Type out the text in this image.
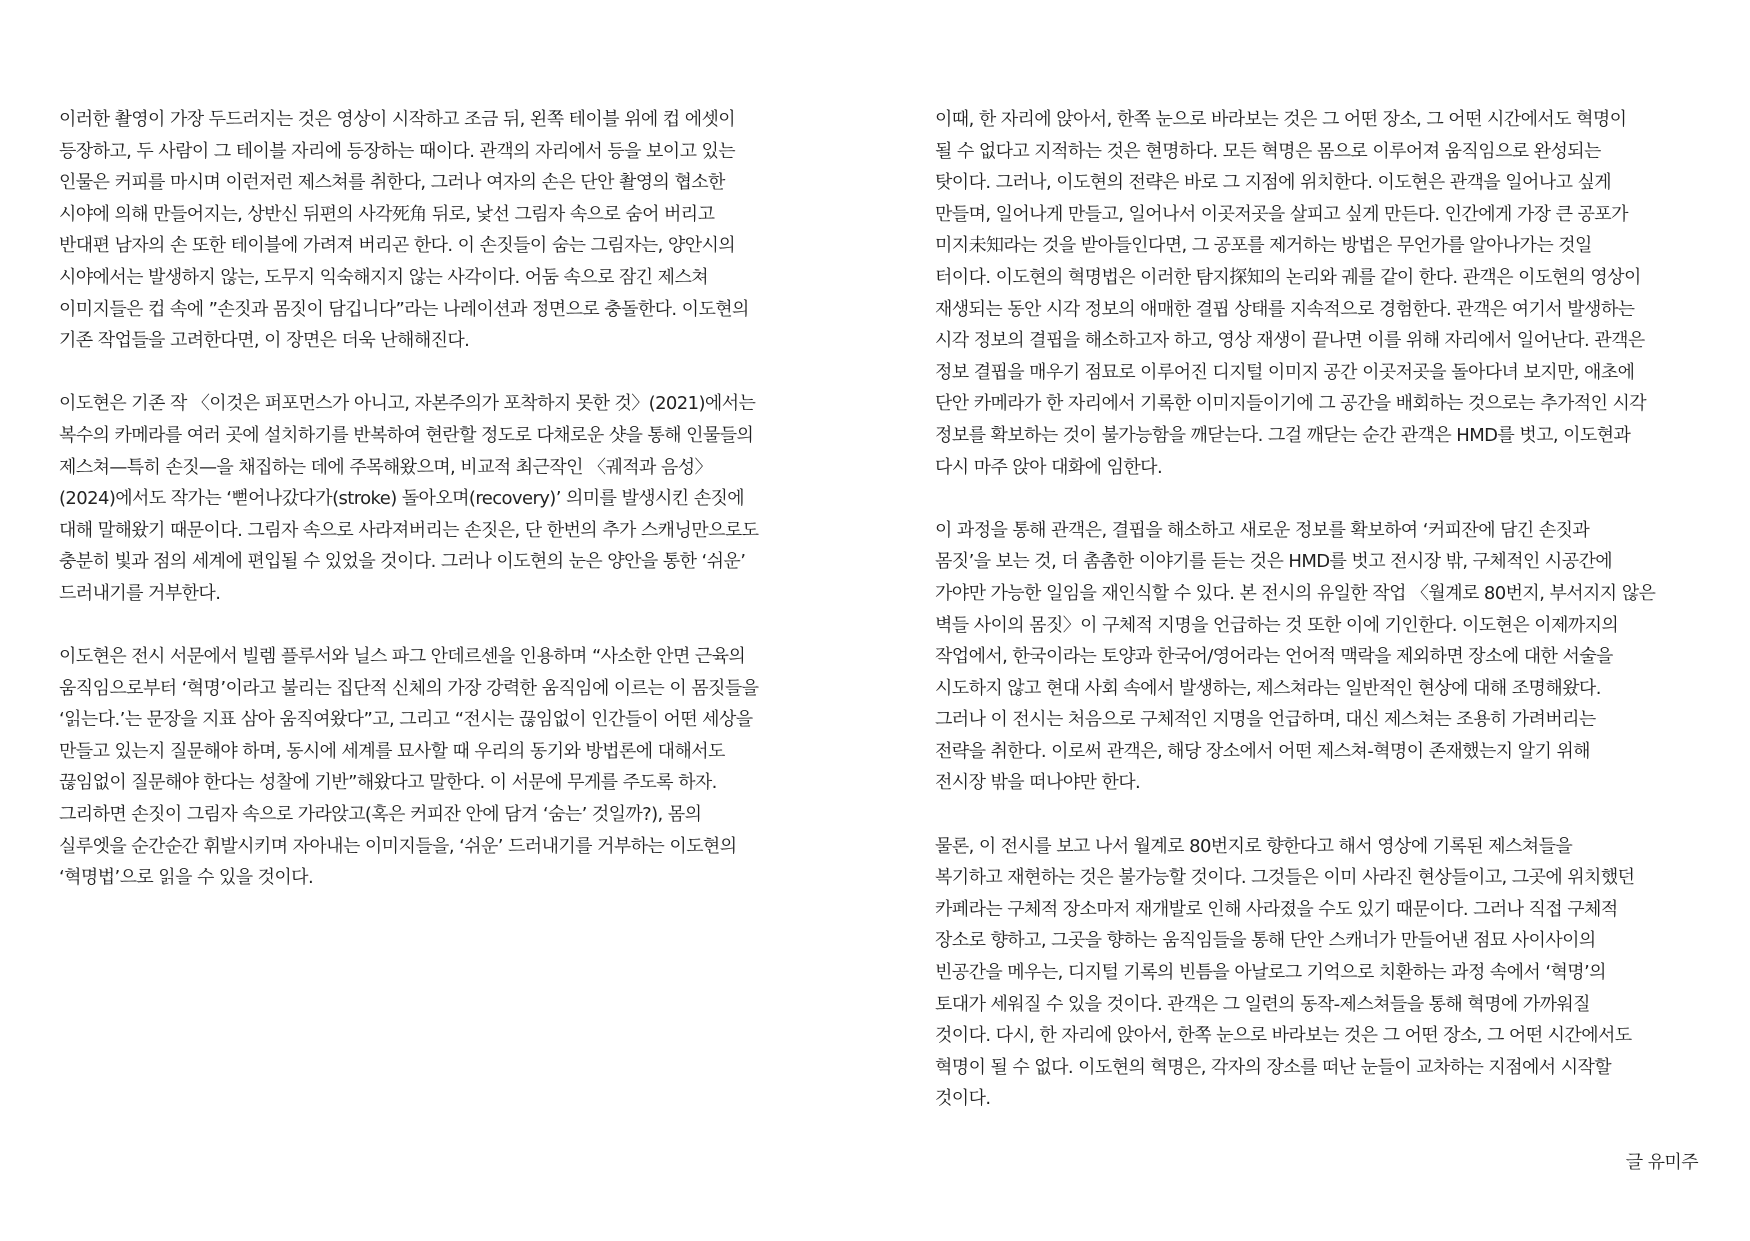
이러한 촬영이 가장 두드러지는 것은 영상이 시작하고 조금 뒤, 왼쪽 테이블 위에 컵 에셋이
등장하고, 두 사람이 그 테이블 자리에 등장하는 때이다. 관객의 자리에서 등을 보이고 있는
인물은 커피를 마시며 이런저런 제스쳐를 취한다, 그러나 여자의 손은 단안 촬영의 협소한
시야에 의해 만들어지는, 상반신 뒤편의 사각死角 뒤로, 낯선 그림자 속으로 숨어 버리고
반대편 남자의 손 또한 테이블에 가려져 버리곤 한다. 이 손짓들이 숨는 그림자는, 양안시의
시야에서는 발생하지 않는, 도무지 익숙해지지 않는 사각이다. 어둠 속으로 잠긴 제스쳐
이미지들은 컵 속에 ”손짓과 몸짓이 담깁니다”라는 나레이션과 정면으로 충돌한다. 이도현의
기존 작업들을 고려한다면, 이 장면은 더욱 난해해진다.

이도현은 기존 작 〈이것은 퍼포먼스가 아니고, 자본주의가 포착하지 못한 것〉(2021)에서는
복수의 카메라를 여러 곳에 설치하기를 반복하여 현란할 정도로 다채로운 샷을 통해 인물들의
제스쳐—특히 손짓—을 채집하는 데에 주목해왔으며, 비교적 최근작인 〈궤적과 음성〉
(2024)에서도 작가는 ‘뻗어나갔다가(stroke) 돌아오며(recovery)’ 의미를 발생시킨 손짓에
대해 말해왔기 때문이다. 그림자 속으로 사라져버리는 손짓은, 단 한번의 추가 스캐닝만으로도
충분히 빛과 점의 세계에 편입될 수 있었을 것이다. 그러나 이도현의 눈은 양안을 통한 ‘쉬운’
드러내기를 거부한다.

이도현은 전시 서문에서 빌렘 플루서와 닐스 파그 안데르센을 인용하며 “사소한 안면 근육의
움직임으로부터 ‘혁명’이라고 불리는 집단적 신체의 가장 강력한 움직임에 이르는 이 몸짓들을
‘읽는다.’는 문장을 지표 삼아 움직여왔다”고, 그리고 “전시는 끊임없이 인간들이 어떤 세상을
만들고 있는지 질문해야 하며, 동시에 세계를 묘사할 때 우리의 동기와 방법론에 대해서도
끊임없이 질문해야 한다는 성찰에 기반”해왔다고 말한다. 이 서문에 무게를 주도록 하자.
그리하면 손짓이 그림자 속으로 가라앉고(혹은 커피잔 안에 담겨 ‘숨는’ 것일까?), 몸의
실루엣을 순간순간 휘발시키며 자아내는 이미지들을, ‘쉬운’ 드러내기를 거부하는 이도현의
‘혁명법’으로 읽을 수 있을 것이다.

이때, 한 자리에 앉아서, 한쪽 눈으로 바라보는 것은 그 어떤 장소, 그 어떤 시간에서도 혁명이
될 수 없다고 지적하는 것은 현명하다. 모든 혁명은 몸으로 이루어져 움직임으로 완성되는
탓이다. 그러나, 이도현의 전략은 바로 그 지점에 위치한다. 이도현은 관객을 일어나고 싶게
만들며, 일어나게 만들고, 일어나서 이곳저곳을 살피고 싶게 만든다. 인간에게 가장 큰 공포가
미지未知라는 것을 받아들인다면, 그 공포를 제거하는 방법은 무언가를 알아나가는 것일
터이다. 이도현의 혁명법은 이러한 탐지探知의 논리와 궤를 같이 한다. 관객은 이도현의 영상이
재생되는 동안 시각 정보의 애매한 결핍 상태를 지속적으로 경험한다. 관객은 여기서 발생하는
시각 정보의 결핍을 해소하고자 하고, 영상 재생이 끝나면 이를 위해 자리에서 일어난다. 관객은
정보 결핍을 매우기 점묘로 이루어진 디지털 이미지 공간 이곳저곳을 돌아다녀 보지만, 애초에
단안 카메라가 한 자리에서 기록한 이미지들이기에 그 공간을 배회하는 것으로는 추가적인 시각
정보를 확보하는 것이 불가능함을 깨닫는다. 그걸 깨닫는 순간 관객은 HMD를 벗고, 이도현과
다시 마주 앉아 대화에 임한다.

이 과정을 통해 관객은, 결핍을 해소하고 새로운 정보를 확보하여 ‘커피잔에 담긴 손짓과
몸짓’을 보는 것, 더 촘촘한 이야기를 듣는 것은 HMD를 벗고 전시장 밖, 구체적인 시공간에
가야만 가능한 일임을 재인식할 수 있다. 본 전시의 유일한 작업 〈월계로 80번지, 부서지지 않은
벽들 사이의 몸짓〉이 구체적 지명을 언급하는 것 또한 이에 기인한다. 이도현은 이제까지의
작업에서, 한국이라는 토양과 한국어/영어라는 언어적 맥락을 제외하면 장소에 대한 서술을
시도하지 않고 현대 사회 속에서 발생하는, 제스쳐라는 일반적인 현상에 대해 조명해왔다.
그러나 이 전시는 처음으로 구체적인 지명을 언급하며, 대신 제스쳐는 조용히 가려버리는
전략을 취한다. 이로써 관객은, 해당 장소에서 어떤 제스쳐-혁명이 존재했는지 알기 위해
전시장 밖을 떠나야만 한다.

물론, 이 전시를 보고 나서 월계로 80번지로 향한다고 해서 영상에 기록된 제스쳐들을
복기하고 재현하는 것은 불가능할 것이다. 그것들은 이미 사라진 현상들이고, 그곳에 위치했던
카페라는 구체적 장소마저 재개발로 인해 사라졌을 수도 있기 때문이다. 그러나 직접 구체적
장소로 향하고, 그곳을 향하는 움직임들을 통해 단안 스캐너가 만들어낸 점묘 사이사이의
빈공간을 메우는, 디지털 기록의 빈틈을 아날로그 기억으로 치환하는 과정 속에서 ‘혁명’의
토대가 세워질 수 있을 것이다. 관객은 그 일련의 동작-제스쳐들을 통해 혁명에 가까워질
것이다. 다시, 한 자리에 앉아서, 한쪽 눈으로 바라보는 것은 그 어떤 장소, 그 어떤 시간에서도
혁명이 될 수 없다. 이도현의 혁명은, 각자의 장소를 떠난 눈들이 교차하는 지점에서 시작할
것이다.

글 유미주
